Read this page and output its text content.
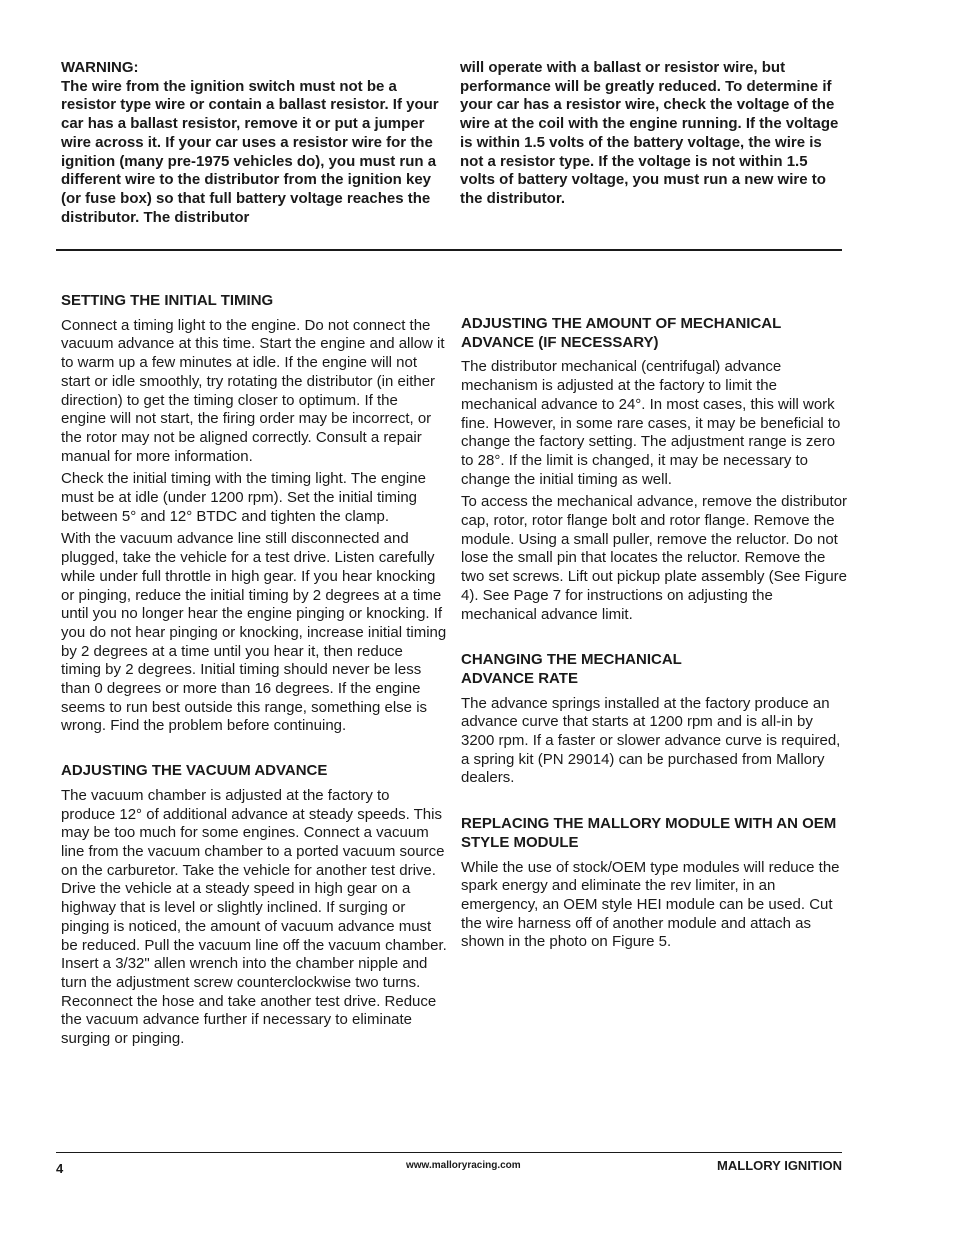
WARNING:

The wire from the ignition switch must not be a resistor type wire or contain a ballast resistor. If your car has a ballast resistor, remove it or put a jumper wire across it. If your car uses a resistor wire for the ignition (many pre-1975 vehicles do), you must run a different wire to the distributor from the ignition key (or fuse box) so that full battery voltage reaches the distributor. The distributor

will operate with a ballast or resistor wire, but performance will be greatly reduced. To determine if your car has a resistor wire, check the voltage of the wire at the coil with the engine running. If the voltage is within 1.5 volts of the battery voltage, the wire is not a resistor type. If the voltage is not within 1.5 volts of battery voltage, you must run a new wire to the distributor.

SETTING THE INITIAL TIMING

Connect a timing light to the engine. Do not connect the vacuum advance at this time. Start the engine and allow it to warm up a few minutes at idle. If the engine will not start or idle smoothly, try rotating the distributor (in either direction) to get the timing closer to optimum. If the engine will not start, the firing order may be incorrect, or the rotor may not be aligned correctly. Consult a repair manual for more information.

Check the initial timing with the timing light. The engine must be at idle (under 1200 rpm). Set the initial timing between 5° and 12° BTDC and tighten the clamp.

With the vacuum advance line still disconnected and plugged, take the vehicle for a test drive. Listen carefully while under full throttle in high gear. If you hear knocking or pinging, reduce the initial timing by 2 degrees at a time until you no longer hear the engine pinging or knocking. If you do not hear pinging or knocking, increase initial timing by 2 degrees at a time until you hear it, then reduce timing by 2 degrees. Initial timing should never be less than 0 degrees or more than 16 degrees. If the engine seems to run best outside this range, something else is wrong. Find the problem before continuing.

ADJUSTING THE VACUUM ADVANCE

The vacuum chamber is adjusted at the factory to produce 12° of additional advance at steady speeds. This may be too much for some engines. Connect a vacuum line from the vacuum chamber to a ported vacuum source on the carburetor. Take the vehicle for another test drive. Drive the vehicle at a steady speed in high gear on a highway that is level or slightly inclined. If surging or pinging is noticed, the amount of vacuum advance must be reduced. Pull the vacuum line off the vacuum chamber. Insert a 3/32" allen wrench into the chamber nipple and turn the adjustment screw counterclockwise two turns. Reconnect the hose and take another test drive. Reduce the vacuum advance further if necessary to eliminate surging or pinging.

ADJUSTING THE AMOUNT OF MECHANICAL ADVANCE (IF NECESSARY)

The distributor mechanical (centrifugal) advance mechanism is adjusted at the factory to limit the mechanical advance to 24°. In most cases, this will work fine. However, in some rare cases, it may be beneficial to change the factory setting. The adjustment range is zero to 28°. If the limit is changed, it may be necessary to change the initial timing as well.

To access the mechanical advance, remove the distributor cap, rotor, rotor flange bolt and rotor flange. Remove the module. Using a small puller, remove the reluctor. Do not lose the small pin that locates the reluctor. Remove the two set screws. Lift out pickup plate assembly (See Figure 4). See Page 7 for instructions on adjusting the mechanical advance limit.

CHANGING THE MECHANICAL
ADVANCE RATE

The advance springs installed at the factory produce an advance curve that starts at 1200 rpm and is all-in by 3200 rpm. If a faster or slower advance curve is required, a spring kit (PN 29014) can be purchased from Mallory dealers.

REPLACING THE MALLORY MODULE WITH AN OEM STYLE MODULE

While the use of stock/OEM type modules will reduce the spark energy and eliminate the rev limiter, in an emergency, an OEM style HEI module can be used. Cut the wire harness off of another module and attach as shown in the photo on Figure 5.

4	www.malloryracing.com	MALLORY IGNITION
